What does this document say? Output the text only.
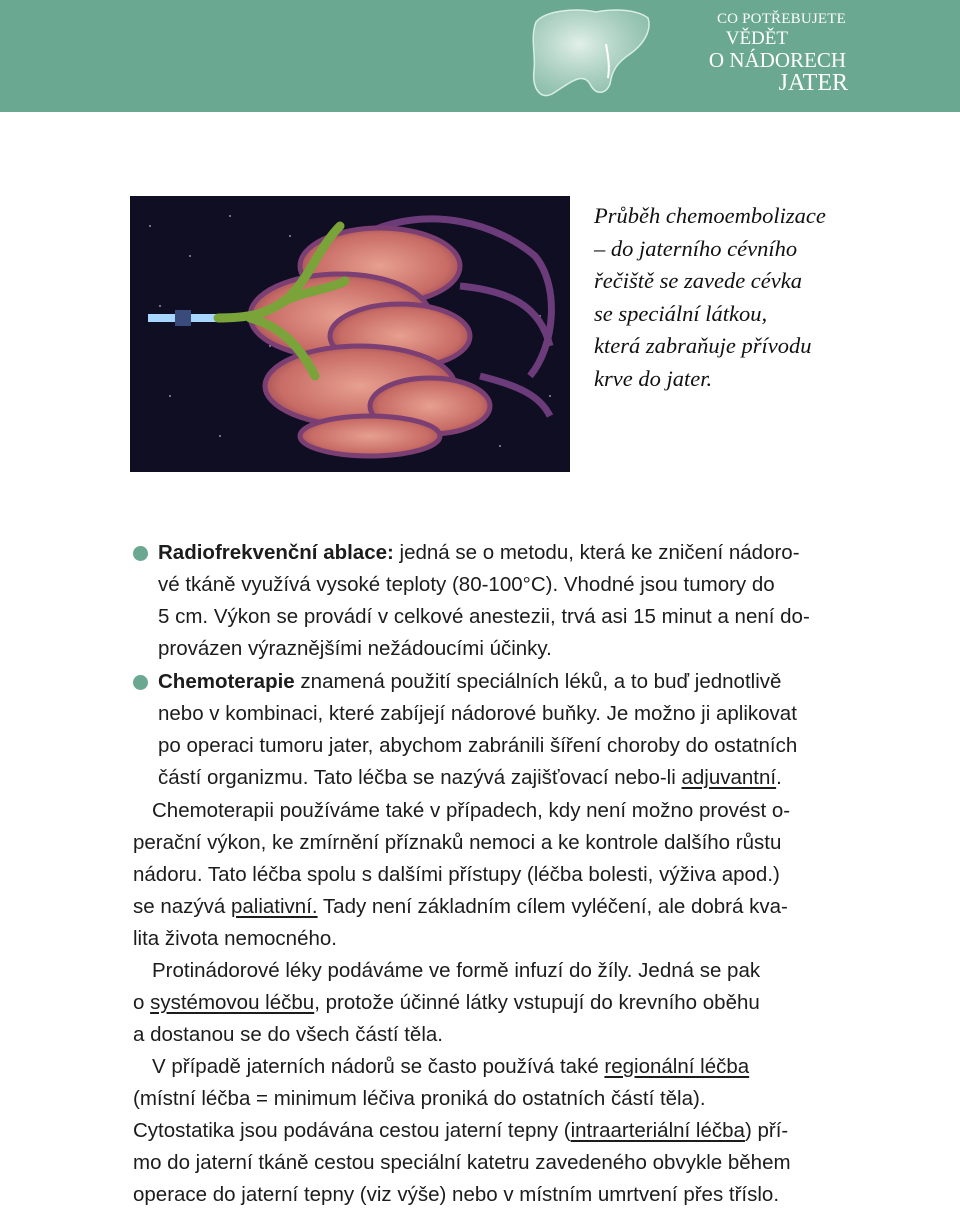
CO POTŘEBUJETE
VĚDĚT
O NÁDORECH
JATER
Průběh chemoembolizace
– do jaterního cévního
řečiště se zavede cévka
se speciální látkou,
která zabraňuje přívodu
krve do jater.
Radiofrekvenční ablace: jedná se o metodu, která ke zničení nádoro-
vé tkáně využívá vysoké teploty (80-100°C). Vhodné jsou tumory do
5 cm. Výkon se provádí v celkové anestezii, trvá asi 15 minut a není do-
provázen výraznějšími nežádoucími účinky.
Chemoterapie znamená použití speciálních léků, a to buď jednotlivě
nebo v kombinaci, které zabíjejí nádorové buňky. Je možno ji aplikovat
po operaci tumoru jater, abychom zabránili šíření choroby do ostatních
částí organizmu. Tato léčba se nazývá zajišťovací nebo-li adjuvantní.
Chemoterapii používáme také v případech, kdy není možno provést o-
perační výkon, ke zmírnění příznaků nemoci a ke kontrole dalšího růstu
nádoru. Tato léčba spolu s dalšími přístupy (léčba bolesti, výživa apod.)
se nazývá paliativní. Tady není základním cílem vyléčení, ale dobrá kva-
lita života nemocného.
Protinádorové léky podáváme ve formě infuzí do žíly. Jedná se pak
o systémovou léčbu, protože účinné látky vstupují do krevního oběhu
a dostanou se do všech částí těla.
V případě jaterních nádorů se často používá také regionální léčba
(místní léčba = minimum léčiva proniká do ostatních částí těla).
Cytostatika jsou podávána cestou jaterní tepny (intraarteriální léčba) pří-
mo do jaterní tkáně cestou speciální katetru zavedeného obvykle během
operace do jaterní tepny (viz výše) nebo v místním umrtvení přes tříslo.
